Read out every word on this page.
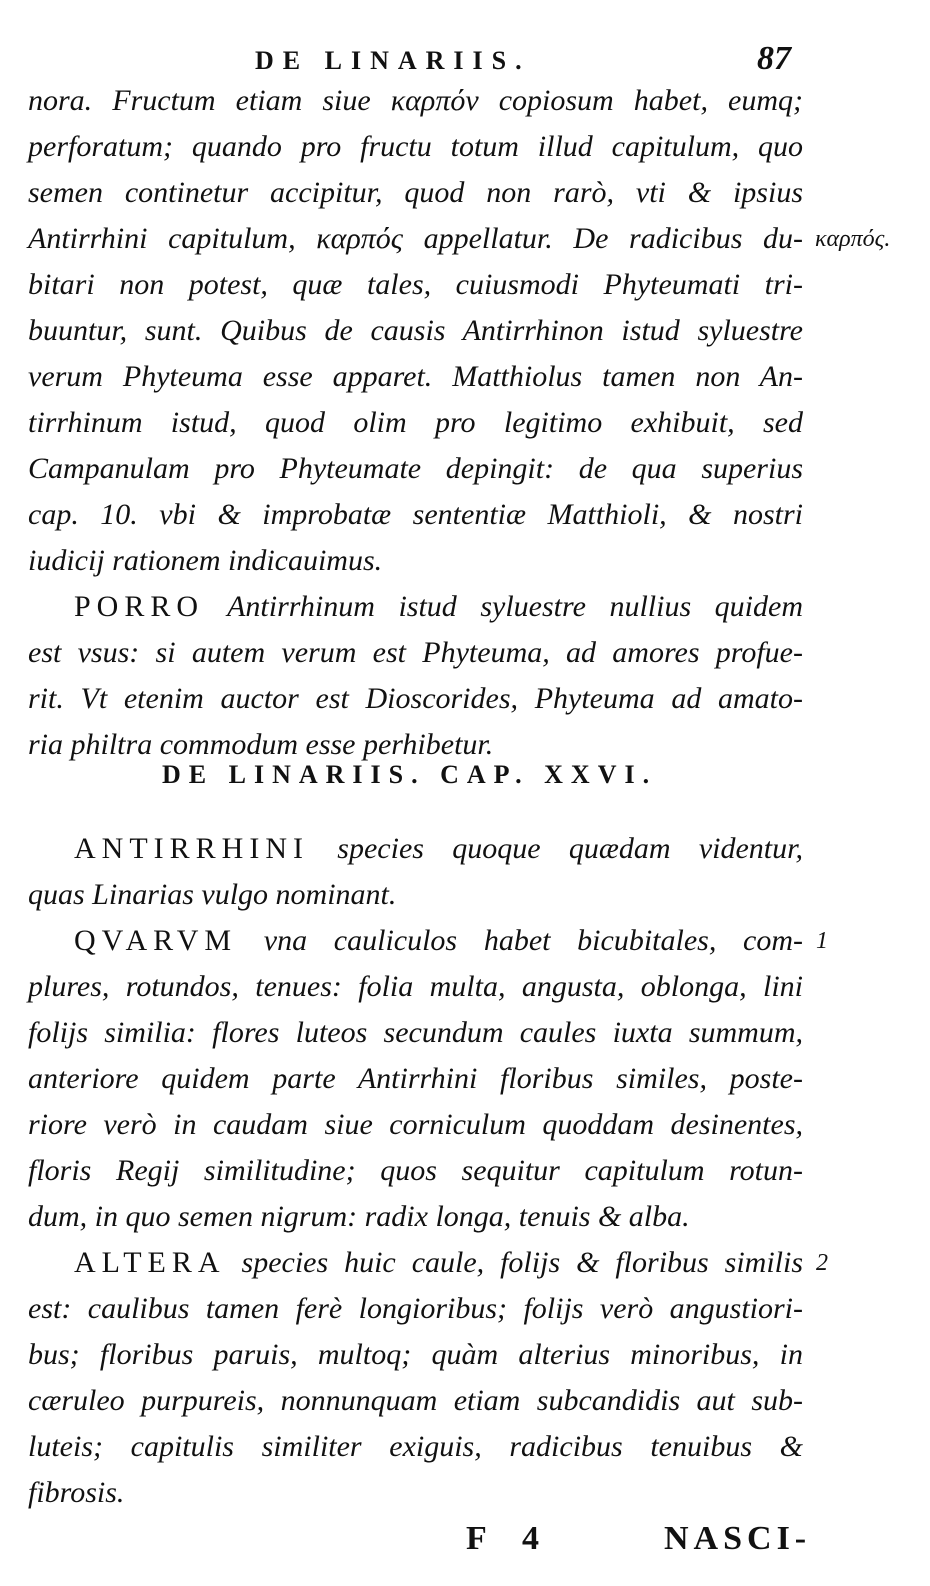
DE LINARIIS.	87
nora. Fructum etiam siue καρπόν copiosum habet, eumq;
perforatum; quando pro fructu totum illud capitulum, quo
semen continetur accipitur, quod non rarò, vti & ipsius
Antirrhini capitulum, καρπός appellatur. De radicibus du-
bitari non potest, quæ tales, cuiusmodi Phyteumati tri-
buuntur, sunt. Quibus de causis Antirrhinon istud syluestre
verum Phyteuma esse apparet. Matthiolus tamen non An-
tirrhinum istud, quod olim pro legitimo exhibuit, sed
Campanulam pro Phyteumate depingit: de qua superius
cap. 10. vbi & improbatæ sententiæ Matthioli, & nostri
iudicij rationem indicauimus.
καρπός.
PORRO Antirrhinum istud syluestre nullius quidem
est vsus: si autem verum est Phyteuma, ad amores profue-
rit. Vt etenim auctor est Dioscorides, Phyteuma ad amato-
ria philtra commodum esse perhibetur.
DE LINARIIS. CAP. XXVI.
ANTIRRHINI species quoque quædam videntur,
quas Linarias vulgo nominant.
QVARVM vna cauliculos habet bicubitales, com-
plures, rotundos, tenues: folia multa, angusta, oblonga, lini
folijs similia: flores luteos secundum caules iuxta summum,
anteriore quidem parte Antirrhini floribus similes, poste-
riore verò in caudam siue corniculum quoddam desinentes,
floris Regij similitudine; quos sequitur capitulum rotun-
dum, in quo semen nigrum: radix longa, tenuis & alba.
1
ALTERA species huic caule, folijs & floribus similis
est: caulibus tamen ferè longioribus; folijs verò angustiori-
bus; floribus paruis, multoq; quàm alterius minoribus, in
cæruleo purpureis, nonnunquam etiam subcandidis aut sub-
luteis; capitulis similiter exiguis, radicibus tenuibus &
fibrosis.
2
F 4	NASCI-
